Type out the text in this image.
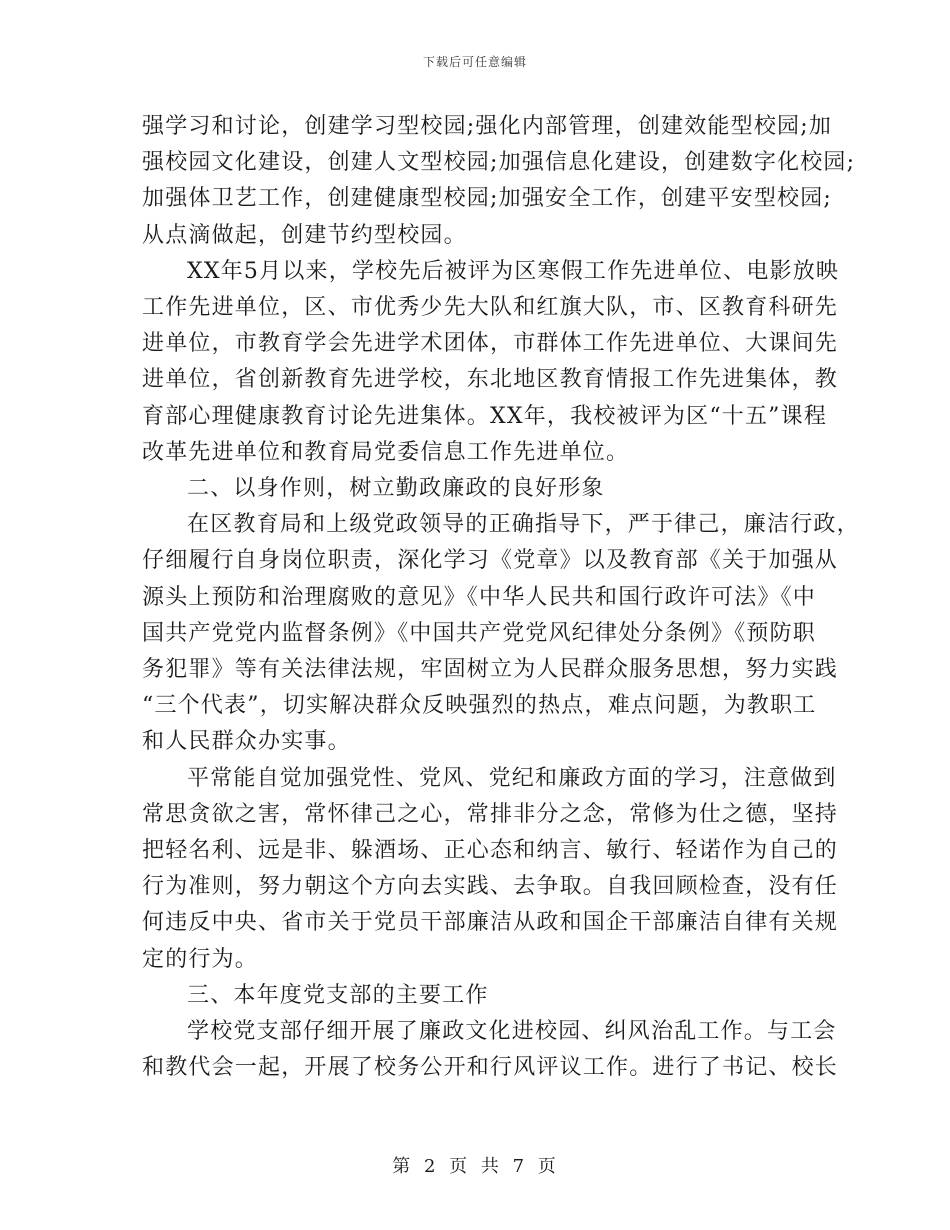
下载后可任意编辑
强学习和讨论，创建学习型校园;强化内部管理，创建效能型校园;加
强校园文化建设，创建人文型校园;加强信息化建设，创建数字化校园;
加强体卫艺工作，创建健康型校园;加强安全工作，创建平安型校园;
从点滴做起，创建节约型校园。
XX年5月以来，学校先后被评为区寒假工作先进单位、电影放映
工作先进单位，区、市优秀少先大队和红旗大队，市、区教育科研先
进单位，市教育学会先进学术团体，市群体工作先进单位、大课间先
进单位，省创新教育先进学校，东北地区教育情报工作先进集体，教
育部心理健康教育讨论先进集体。XX年，我校被评为区“十五”课程
改革先进单位和教育局党委信息工作先进单位。
二、以身作则，树立勤政廉政的良好形象
在区教育局和上级党政领导的正确指导下，严于律己，廉洁行政，
仔细履行自身岗位职责，深化学习《党章》以及教育部《关于加强从
源头上预防和治理腐败的意见》《中华人民共和国行政许可法》《中
国共产党党内监督条例》《中国共产党党风纪律处分条例》《预防职
务犯罪》等有关法律法规，牢固树立为人民群众服务思想，努力实践
“三个代表”，切实解决群众反映强烈的热点，难点问题，为教职工
和人民群众办实事。
平常能自觉加强党性、党风、党纪和廉政方面的学习，注意做到
常思贪欲之害，常怀律己之心，常排非分之念，常修为仕之德，坚持
把轻名利、远是非、躲酒场、正心态和纳言、敏行、轻诺作为自己的
行为准则，努力朝这个方向去实践、去争取。自我回顾检查，没有任
何违反中央、省市关于党员干部廉洁从政和国企干部廉洁自律有关规
定的行为。
三、本年度党支部的主要工作
学校党支部仔细开展了廉政文化进校园、纠风治乱工作。与工会
和教代会一起，开展了校务公开和行风评议工作。进行了书记、校长
第 2 页 共 7 页
